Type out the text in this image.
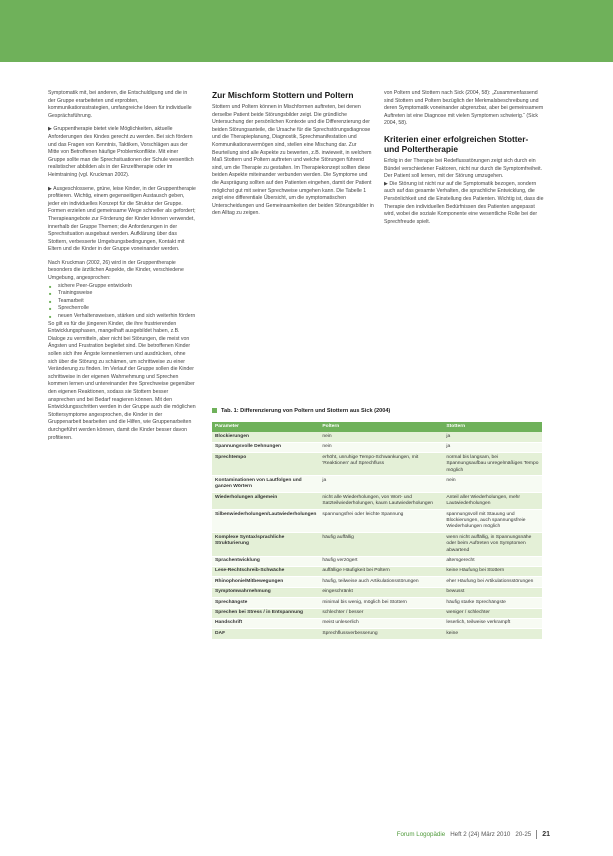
Symptomatik mit, bei anderen, die Entschuldigung und die in der Gruppe erarbeiteten und erprobten, kommunikationsstrategien, umfangreiche Ideen für individuelle Gesprächsführung.

▶ Gruppentherapie bietet viele Möglichkeiten, aktuelle Anforderungen des Kindes gerecht zu werden. Bei sich fördern und das Fragen von Kenntnis, Taktiken, Vorschlägen aus der Mitte von Betroffenen häufige Problemkonflikte. Mit einer Gruppe sollte man die Sprechsituationen der Schule wesentlich realistischer abbilden als in der Einzeltherapie oder im Heimtraining (vgl. Kruckman 2002).

▶ Ausgeschlossene, grüne, leise Kinder, in der Gruppentherapie profitieren. Wichtig, einem gegenseitigen Austausch geben, jeder ein individuelles Konzept für die Struktur der Gruppe. Formen erzielen und gemeinsame Wege schneller als gefordert; Therapieangebote zur Förderung der Kinder können verwendet, innerhalb der Gruppe Themen; die Anforderungen in der Sprechsituation ausgebaut werden. Aufklärung über das Stottern, verbesserte Umgebungsbedingungen, Kontakt mit Eltern und die Kinder in der Gruppe voneinander werden.

Nach Kruckman (2002, 26) wird in der Gruppentherapie besonders die ärztlichen Aspekte, die Kinder, verschiedene Umgebung, angesprochen:

■ sichere Peer-Gruppe entwickeln
■ Trainingsweise
■ Teamarbeit
■ Sprecherrolle
■ neuen Verhaltensweisen, stärken und sich weiterhin fördern

So gilt es für die jüngeren Kinder, die ihre frustrierenden Entwicklungsphasen, mangelhaft ausgebildet haben, z.B. Dialoge zu vermitteln, aber nicht bei Störungen, die meist von Ängsten und Frustration begleitet sind. Die betroffenen Kinder sollen sich ihre Ängste kennenlernen und ausdrücken, ohne sich über die Störung zu schämen, um schrittweise zu einer Veränderung zu finden. Im Verlauf der Gruppe sollen die Kinder schrittweise in der eigenen Wahrnehmung und Sprechen kommen lernen und untereinander ihre Sprechweise gegenüber den eigenen Reaktionen, sodass sie Stottern besser ansprechen und bei Bedarf reagieren können. Mit den Entwicklungsschritten werden in der Gruppe auch die möglichen Stottersymptome angesprochen, die Kinder in der Gruppenarbeit bearbeiten und die Hilfen, wie Gruppenarbeiten durchgeführt werden können, damit die Kinder besser davon profitieren.

Zur Mischform Stottern und Poltern

Stottern und Poltern können in Mischformen auftreten, bei denen derselbe Patient beide Störungsbilder zeigt. Die gründliche Untersuchung der persönlichen Kontexte und die Differenzierung der beiden Störungsanteile, die Ursache für die Sprechstörungsdiagnose und die Therapieplanung, Diagnostik, Sprechmanifestation und Kommunikationsvermögen sind, stellen eine Mischung dar. Zur Beurteilung sind alle Aspekte zu bewerten, z.B. inwieweit, in welchem Maß Stottern und Poltern auftreten und welche Störungen führend sind, um die Therapie zu gestalten. Im Therapiekonzept sollten diese beiden Aspekte miteinander verbunden werden. Die Symptome und die Ausprägung sollten auf den Patienten eingehen, damit der Patient möglichst gut mit seiner Sprechweise umgehen kann. Die Tabelle 1 zeigt eine differentiale Übersicht, um die symptomatischen Unterscheidungen und Gemeinsamkeiten der beiden Störungsbilder in den Alltag zu zeigen.

von Poltern und Stottern nach Sick (2004, 58): „Zusammenfassend sind Stottern und Poltern bezüglich der Merkmalsbeschreibung und deren Symptomatik voneinander abgrenzbar, aber bei gemeinsamem Auftreten ist eine Diagnose mit vielen Symptomen schwierig.“ (Sick 2004, 58).

Kriterien einer erfolgreichen Stotter- und Poltertherapie

Erfolg in der Therapie bei Redeflussstörungen zeigt sich durch ein Bündel verschiedener Faktoren, nicht nur durch die Symptomfreiheit. Der Patient soll lernen, mit der Störung umzugehen.

▶ Die Störung ist nicht nur auf die Symptomatik bezogen, sondern auch auf das gesamte Verhalten, die sprachliche Entwicklung, die Persönlichkeit und die Einstellung des Patienten. Wichtig ist, dass die Therapie den individuellen Bedürfnissen des Patienten angepasst wird, wobei die soziale Komponente eine wesentliche Rolle bei der Sprechfreude spielt.

Tab. 1: Differenzierung von Poltern und Stottern aus Sick (2004)
Parameter	Poltern	Stottern
Blockierungen	nein	ja
Spannungsvolle Dehnungen	nein	ja
Sprechtempo	erhöht, unruhige Tempo-Schwankungen, mit 'Reaktionen' auf Sprechfluss	normal bis langsam, bei Spannungsaufbau unregelmäßiges Tempo möglich
Kontaminationen von Lautfolgen und ganzen Wörtern	ja	nein
Wiederholungen allgemein	nicht alle Wiederholungen, von Wort- und Satzteilwiederholungen, kaum Lautwiederholungen	Anteil aller Wiederholungen, mehr Lautwiederholungen
Silbenwiederholungen/Lautwiederholungen	spannungsfrei oder leichte Spannung	spannungsvoll mit Stauung und Blockierungen, auch spannungsfreie Wiederholungen möglich
Komplexe Syntax/sprachliche Strukturierung	häufig auffällig	wenn nicht auffällig, in Spannungsnähe oder beim Auftreten von Symptomen abwartend
Sprachentwicklung	häufig verzögert	altersgerecht
Lese-Rechtschreib-Schwäche	auffällige Häufigkeit bei Poltern	keine Häufung bei Stottern
Rhinophonie/Mitbewegungen	häufig, teilweise auch Artikulationsstörungen	eher Häufung bei Artikulationsstörungen
Symptomwahrnehmung	eingeschränkt	bewusst
Sprechängste	minimal bis wenig, möglich bei Stottern	häufig starke Sprechängste
Sprechen bei Stress / in Entspannung	schlechter / besser	weniger / schlechter
Handschrift	meist unleserlich	leserlich, teilweise verkrampft
DAF	Sprechflussverbesserung	keine
Forum Logopädie Heft 2 (24) März 2010 20-25 21
